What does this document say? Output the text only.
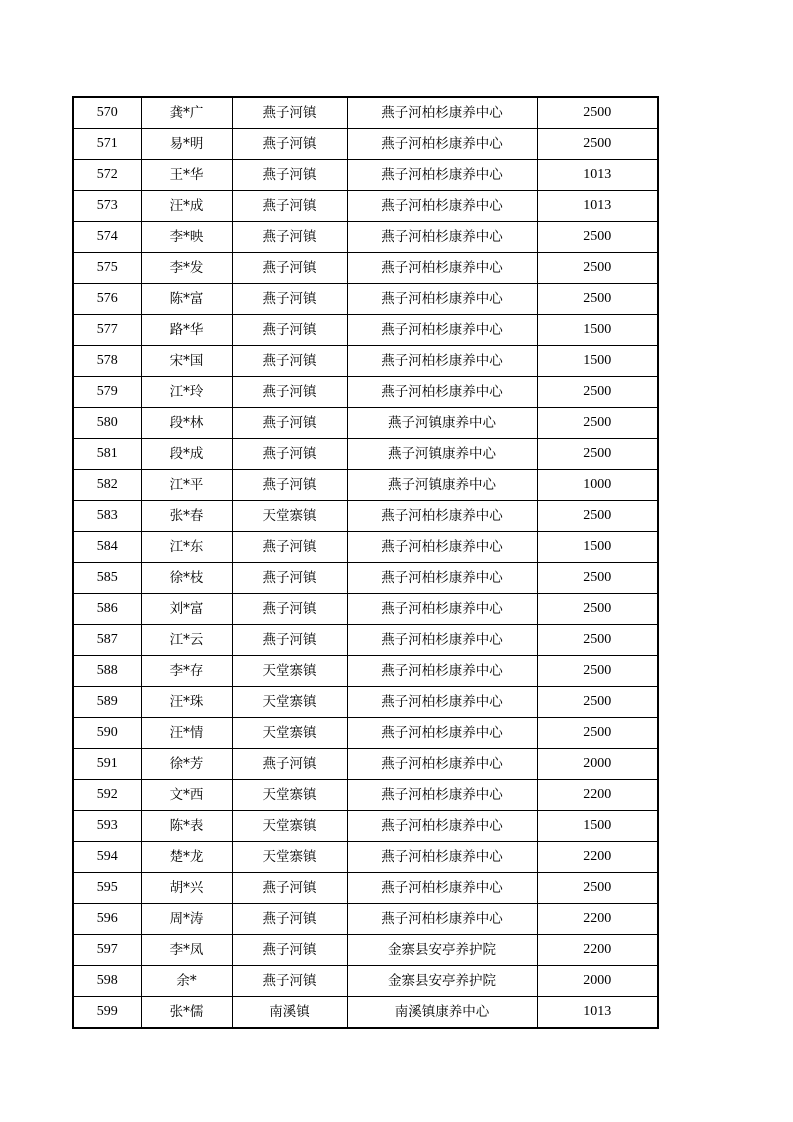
570	龚*广	燕子河镇	燕子河柏杉康养中心	2500
571	易*明	燕子河镇	燕子河柏杉康养中心	2500
572	王*华	燕子河镇	燕子河柏杉康养中心	1013
573	汪*成	燕子河镇	燕子河柏杉康养中心	1013
574	李*映	燕子河镇	燕子河柏杉康养中心	2500
575	李*发	燕子河镇	燕子河柏杉康养中心	2500
576	陈*富	燕子河镇	燕子河柏杉康养中心	2500
577	路*华	燕子河镇	燕子河柏杉康养中心	1500
578	宋*国	燕子河镇	燕子河柏杉康养中心	1500
579	江*玲	燕子河镇	燕子河柏杉康养中心	2500
580	段*林	燕子河镇	燕子河镇康养中心	2500
581	段*成	燕子河镇	燕子河镇康养中心	2500
582	江*平	燕子河镇	燕子河镇康养中心	1000
583	张*春	天堂寨镇	燕子河柏杉康养中心	2500
584	江*东	燕子河镇	燕子河柏杉康养中心	1500
585	徐*枝	燕子河镇	燕子河柏杉康养中心	2500
586	刘*富	燕子河镇	燕子河柏杉康养中心	2500
587	江*云	燕子河镇	燕子河柏杉康养中心	2500
588	李*存	天堂寨镇	燕子河柏杉康养中心	2500
589	汪*珠	天堂寨镇	燕子河柏杉康养中心	2500
590	汪*情	天堂寨镇	燕子河柏杉康养中心	2500
591	徐*芳	燕子河镇	燕子河柏杉康养中心	2000
592	文*西	天堂寨镇	燕子河柏杉康养中心	2200
593	陈*表	天堂寨镇	燕子河柏杉康养中心	1500
594	楚*龙	天堂寨镇	燕子河柏杉康养中心	2200
595	胡*兴	燕子河镇	燕子河柏杉康养中心	2500
596	周*涛	燕子河镇	燕子河柏杉康养中心	2200
597	李*凤	燕子河镇	金寨县安亭养护院	2200
598	余*	燕子河镇	金寨县安亭养护院	2000
599	张*儒	南溪镇	南溪镇康养中心	1013
